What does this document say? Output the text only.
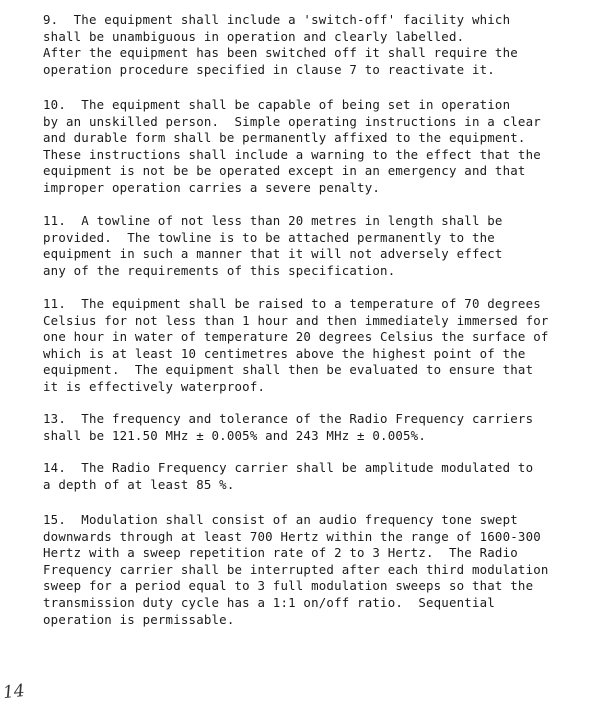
9.  The equipment shall include a 'switch-off' facility which
shall be unambiguous in operation and clearly labelled.
After the equipment has been switched off it shall require the
operation procedure specified in clause 7 to reactivate it.
10.  The equipment shall be capable of being set in operation
by an unskilled person.  Simple operating instructions in a clear
and durable form shall be permanently affixed to the equipment.
These instructions shall include a warning to the effect that the
equipment is not be be operated except in an emergency and that
improper operation carries a severe penalty.
11.  A towline of not less than 20 metres in length shall be
provided.  The towline is to be attached permanently to the
equipment in such a manner that it will not adversely effect
any of the requirements of this specification.
11.  The equipment shall be raised to a temperature of 70 degrees
Celsius for not less than 1 hour and then immediately immersed for
one hour in water of temperature 20 degrees Celsius the surface of
which is at least 10 centimetres above the highest point of the
equipment.  The equipment shall then be evaluated to ensure that
it is effectively waterproof.
13.  The frequency and tolerance of the Radio Frequency carriers
shall be 121.50 MHz ± 0.005% and 243 MHz ± 0.005%.
14.  The Radio Frequency carrier shall be amplitude modulated to
a depth of at least 85 %.
15.  Modulation shall consist of an audio frequency tone swept
downwards through at least 700 Hertz within the range of 1600-300
Hertz with a sweep repetition rate of 2 to 3 Hertz.  The Radio
Frequency carrier shall be interrupted after each third modulation
sweep for a period equal to 3 full modulation sweeps so that the
transmission duty cycle has a 1:1 on/off ratio.  Sequential
operation is permissable.
14
